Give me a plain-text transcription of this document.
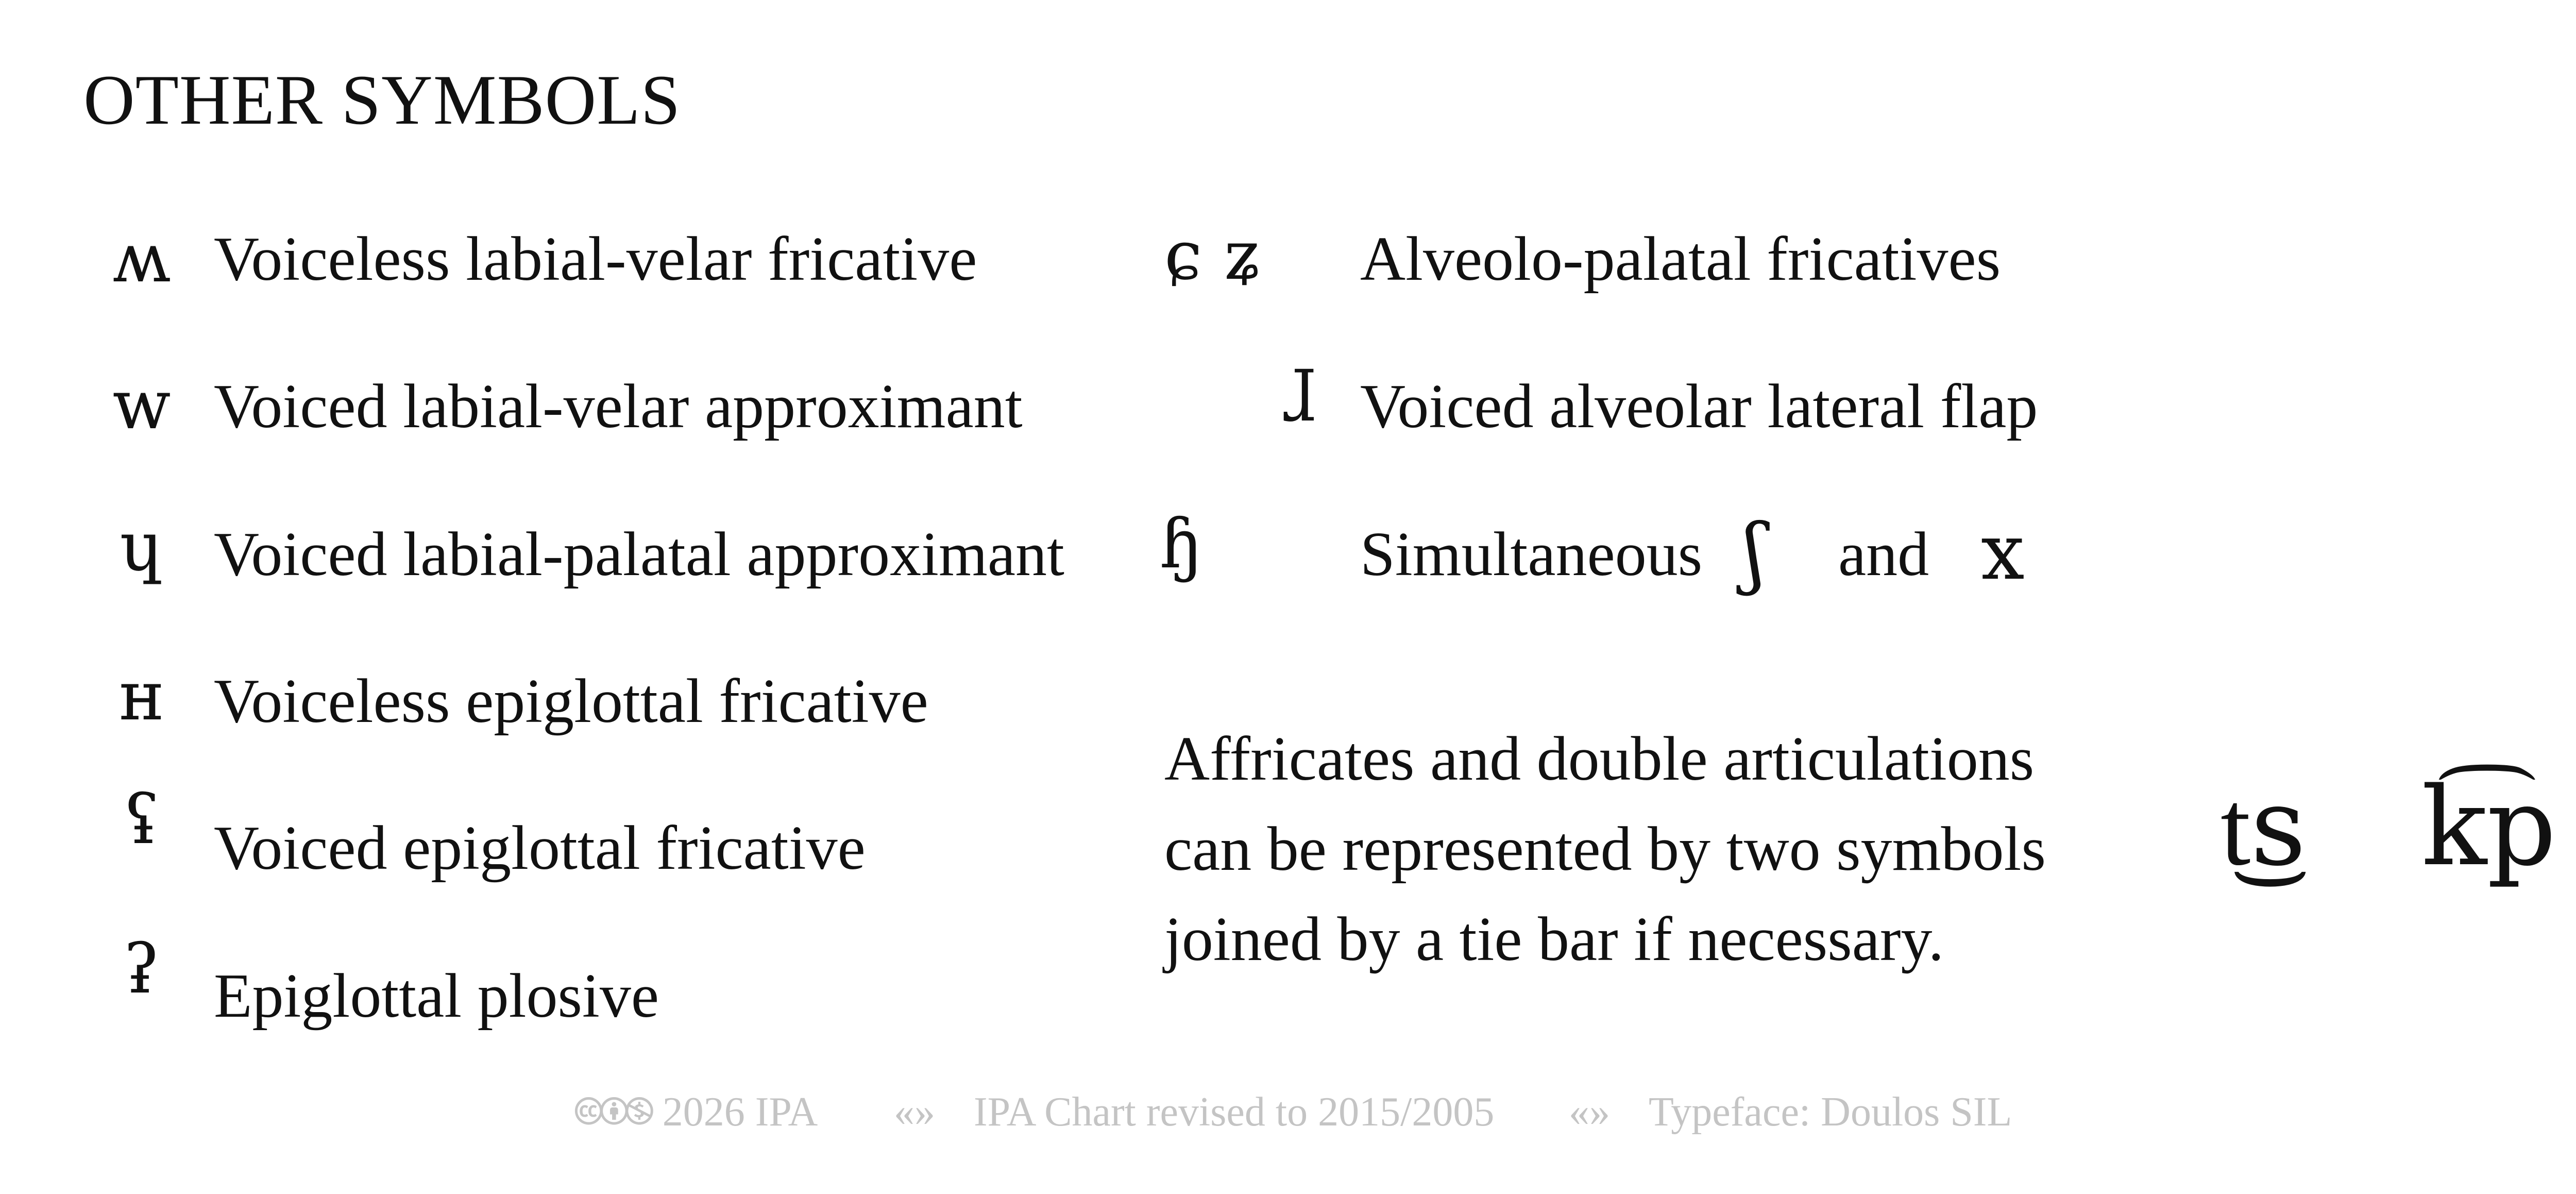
OTHER SYMBOLS
ʍ Voiceless labial-velar fricative
w Voiced labial-velar approximant
ɥ Voiced labial-palatal approximant
ʜ Voiceless epiglottal fricative
ʢ Voiced epiglottal fricative
ʡ Epiglottal plosive
ɕ ʑ	Alveolo-palatal fricatives
ɺ Voiced alveolar lateral flap
ɧ	Simultaneous ʃ and x
Affricates and double articulations
can be represented by two symbols
joined by a tie bar if necessary.
t͜s k͡p
🅭🅯🄏 2026 IPA «» IPA Chart revised to 2015/2005 «» Typeface: Doulos SIL
